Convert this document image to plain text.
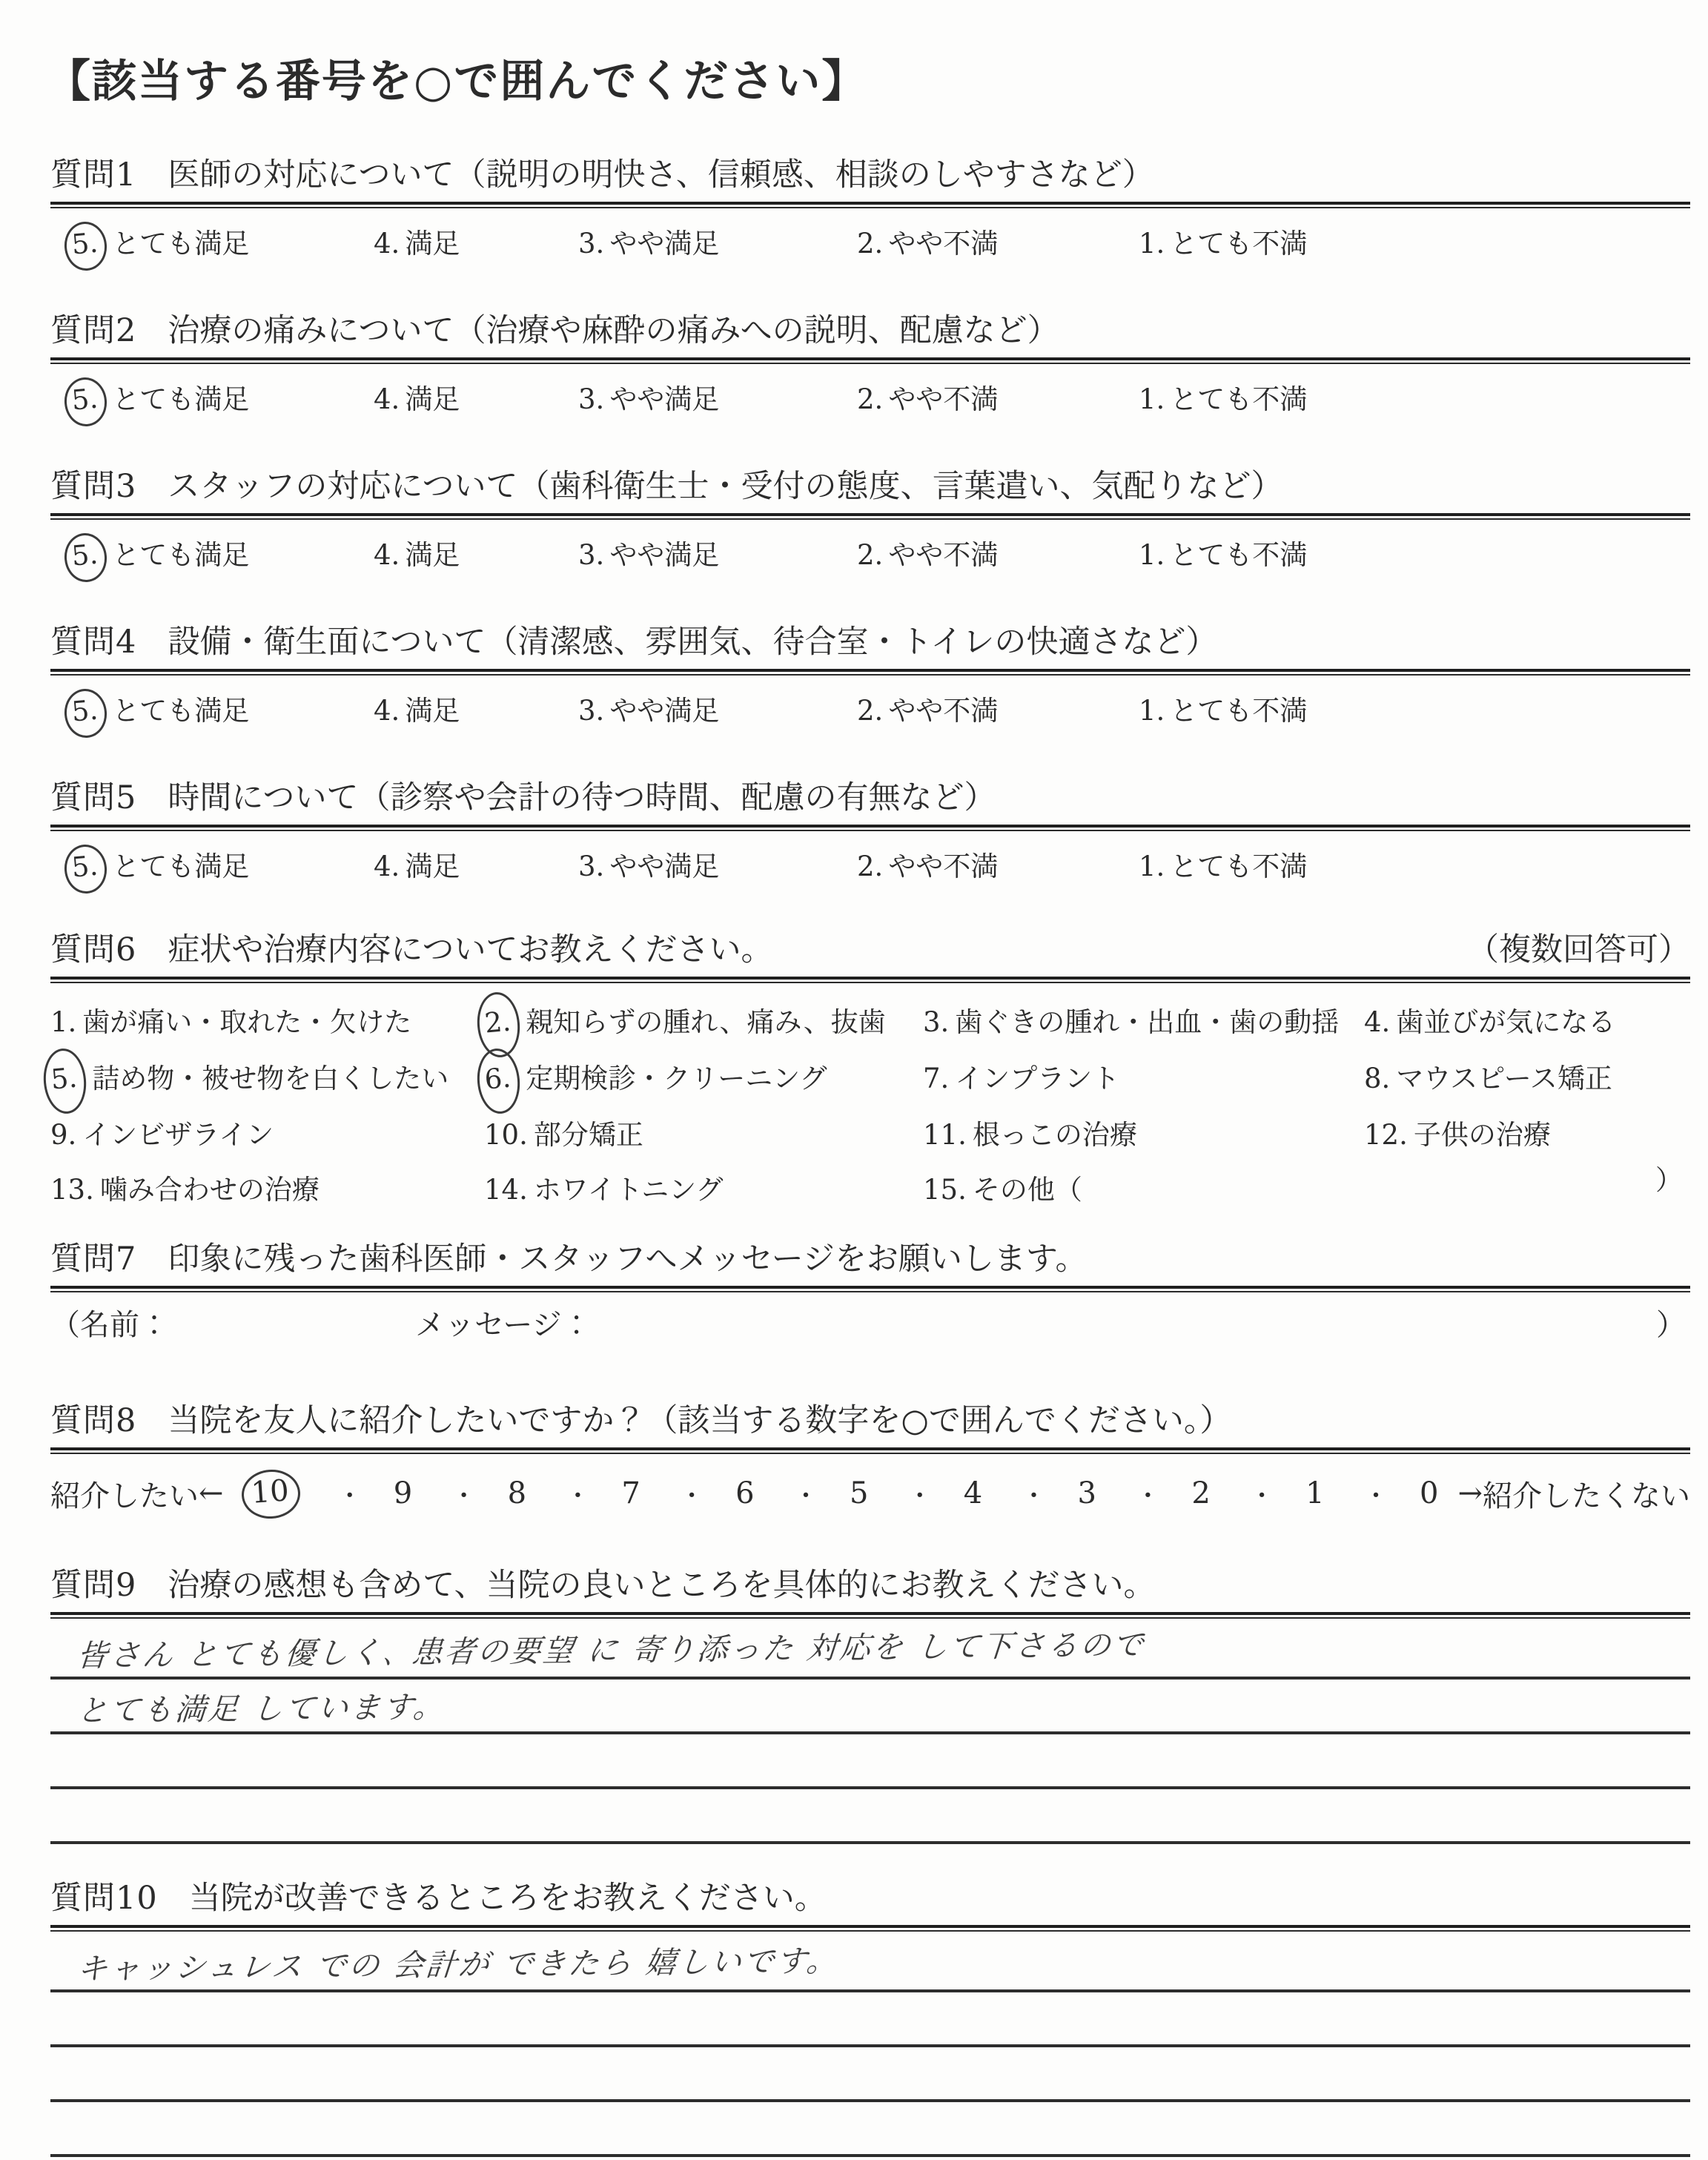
【該当する番号を○で囲んでください】
質問1 医師の対応について（説明の明快さ、信頼感、相談のしやすさなど）
5. とても満足	4. 満足	3. やや満足	2. やや不満	1. とても不満
質問2 治療の痛みについて（治療や麻酔の痛みへの説明、配慮など）
5. とても満足	4. 満足	3. やや満足	2. やや不満	1. とても不満
質問3 スタッフの対応について（歯科衛生士・受付の態度、言葉遣い、気配りなど）
5. とても満足	4. 満足	3. やや満足	2. やや不満	1. とても不満
質問4 設備・衛生面について（清潔感、雰囲気、待合室・トイレの快適さなど）
5. とても満足	4. 満足	3. やや満足	2. やや不満	1. とても不満
質問5 時間について（診察や会計の待つ時間、配慮の有無など）
5. とても満足	4. 満足	3. やや満足	2. やや不満	1. とても不満
質問6 症状や治療内容についてお教えください。	（複数回答可）
1. 歯が痛い・取れた・欠けた	2. 親知らずの腫れ、痛み、抜歯	3. 歯ぐきの腫れ・出血・歯の動揺 4. 歯並びが気になる
5. 詰め物・被せ物を白くしたい	6. 定期検診・クリーニング	7. インプラント	8. マウスピース矯正
9. インビザライン	10. 部分矯正	11. 根っこの治療	12. 子供の治療
13. 噛み合わせの治療	14. ホワイトニング	15. その他（	）
質問7 印象に残った歯科医師・スタッフへメッセージをお願いします。
（名前：	メッセージ：	）
質問8 当院を友人に紹介したいですか？（該当する数字を○で囲んでください。）
紹介したい ← 10	・ 9 ・ 8 ・ 7 ・ 6 ・ 5 ・ 4 ・ 3 ・ 2 ・ 1 ・ 0 → 紹介したくない
質問9 治療の感想も含めて、当院の良いところを具体的にお教えください。
皆さん とても優しく､ 患者の要望 に 寄り添った 対応を して下さるので
とても満足 しています。
質問10 当院が改善できるところをお教えください。
キャッシュレス での 会計が できたら 嬉しいです。
